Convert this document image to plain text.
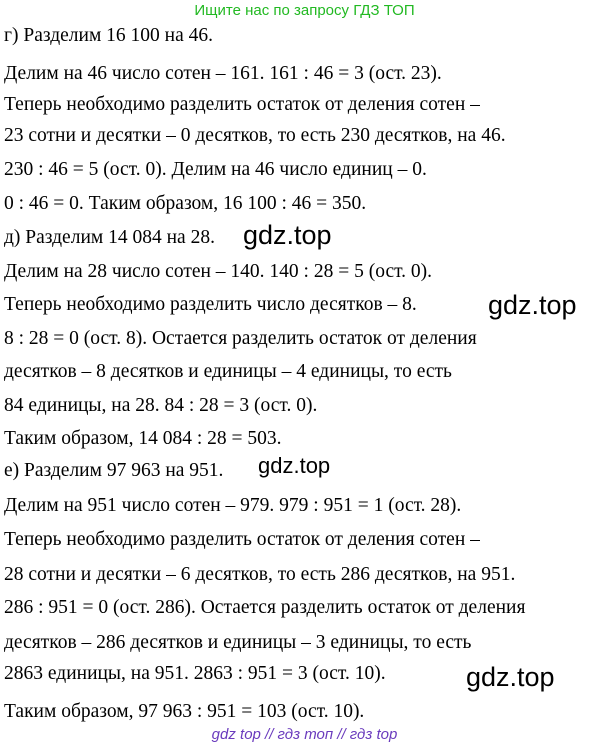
Ищите нас по запросу ГДЗ ТОП
г) Разделим 16 100 на 46.
Делим на 46 число сотен – 161. 161 : 46 = 3 (ост. 23).
Теперь необходимо разделить остаток от деления сотен –
23 сотни и десятки – 0 десятков, то есть 230 десятков, на 46.
230 : 46 = 5 (ост. 0). Делим на 46 число единиц – 0.
0 : 46 = 0. Таким образом, 16 100 : 46 = 350.
д) Разделим 14 084 на 28.
Делим на 28 число сотен – 140. 140 : 28 = 5 (ост. 0).
Теперь необходимо разделить число десятков – 8.
8 : 28 = 0 (ост. 8). Остается разделить остаток от деления
десятков – 8 десятков и единицы – 4 единицы, то есть
84 единицы, на 28. 84 : 28 = 3 (ост. 0).
Таким образом, 14 084 : 28 = 503.
е) Разделим 97 963 на 951.
Делим на 951 число сотен – 979. 979 : 951 = 1 (ост. 28).
Теперь необходимо разделить остаток от деления сотен –
28 сотни и десятки – 6 десятков, то есть 286 десятков, на 951.
286 : 951 = 0 (ост. 286). Остается разделить остаток от деления
десятков – 286 десятков и единицы – 3 единицы, то есть
2863 единицы, на 951. 2863 : 951 = 3 (ост. 10).
Таким образом, 97 963 : 951 = 103 (ост. 10).
gdz.top
gdz.top
gdz.top
gdz.top
gdz top // гдз топ // гдз top
